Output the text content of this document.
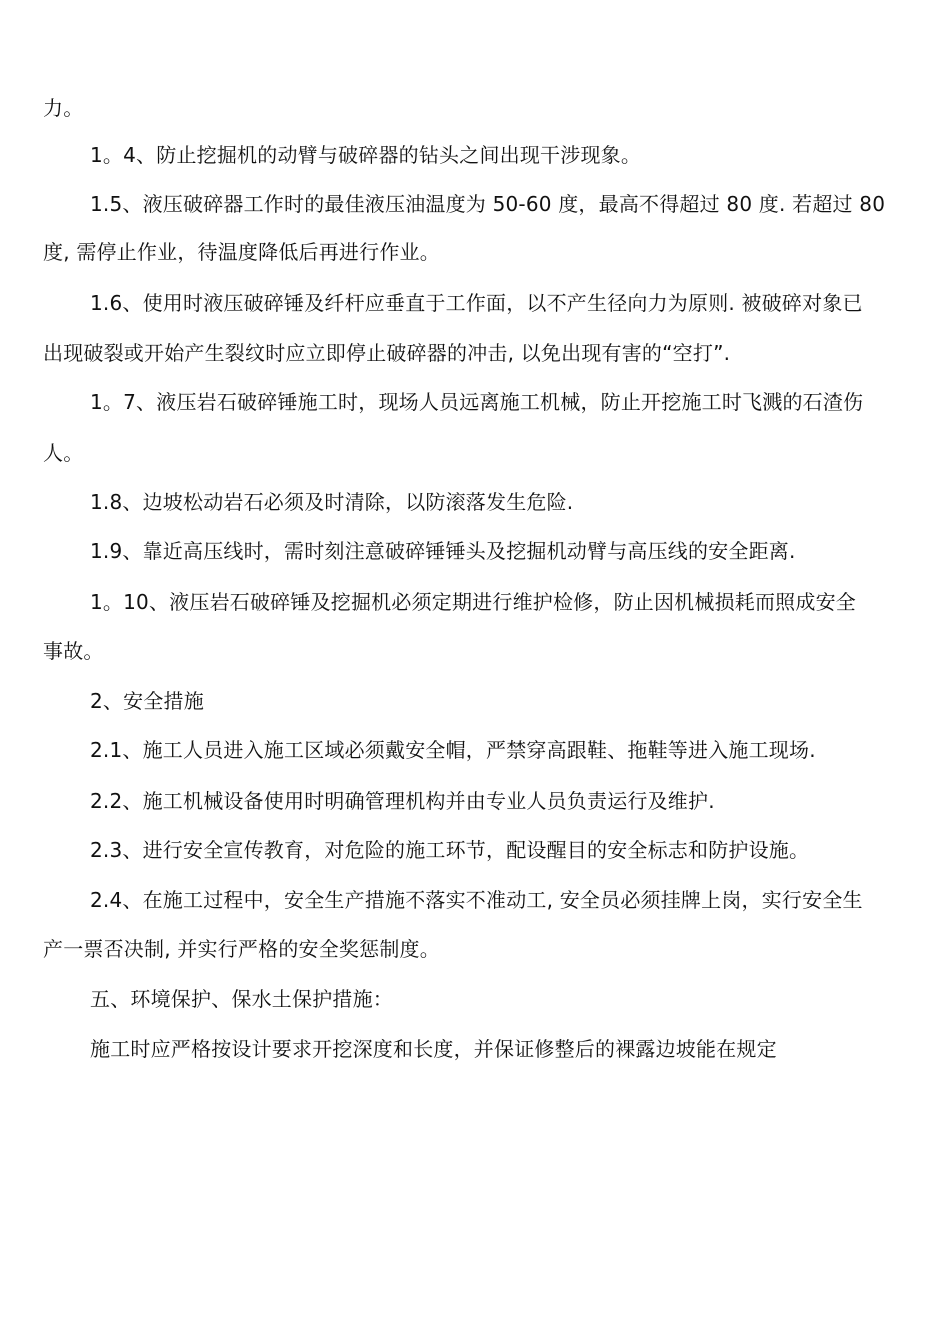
力。
1。4、防止挖掘机的动臂与破碎器的钻头之间出现干涉现象。
1.5、液压破碎器工作时的最佳液压油温度为 50-60 度，最高不得超过 80 度. 若超过 80
度, 需停止作业，待温度降低后再进行作业。
1.6、使用时液压破碎锤及纤杆应垂直于工作面，以不产生径向力为原则. 被破碎对象已
出现破裂或开始产生裂纹时应立即停止破碎器的冲击, 以免出现有害的“空打”.
1。7、液压岩石破碎锤施工时，现场人员远离施工机械，防止开挖施工时飞溅的石渣伤
人。
1.8、边坡松动岩石必须及时清除，以防滚落发生危险.
1.9、靠近高压线时，需时刻注意破碎锤锤头及挖掘机动臂与高压线的安全距离.
1。10、液压岩石破碎锤及挖掘机必须定期进行维护检修，防止因机械损耗而照成安全
事故。
2、安全措施
2.1、施工人员进入施工区域必须戴安全帽，严禁穿高跟鞋、拖鞋等进入施工现场.
2.2、施工机械设备使用时明确管理机构并由专业人员负责运行及维护.
2.3、进行安全宣传教育，对危险的施工环节，配设醒目的安全标志和防护设施。
2.4、在施工过程中，安全生产措施不落实不准动工, 安全员必须挂牌上岗，实行安全生
产一票否决制, 并实行严格的安全奖惩制度。
五、环境保护、保水土保护措施：
施工时应严格按设计要求开挖深度和长度，并保证修整后的裸露边坡能在规定
